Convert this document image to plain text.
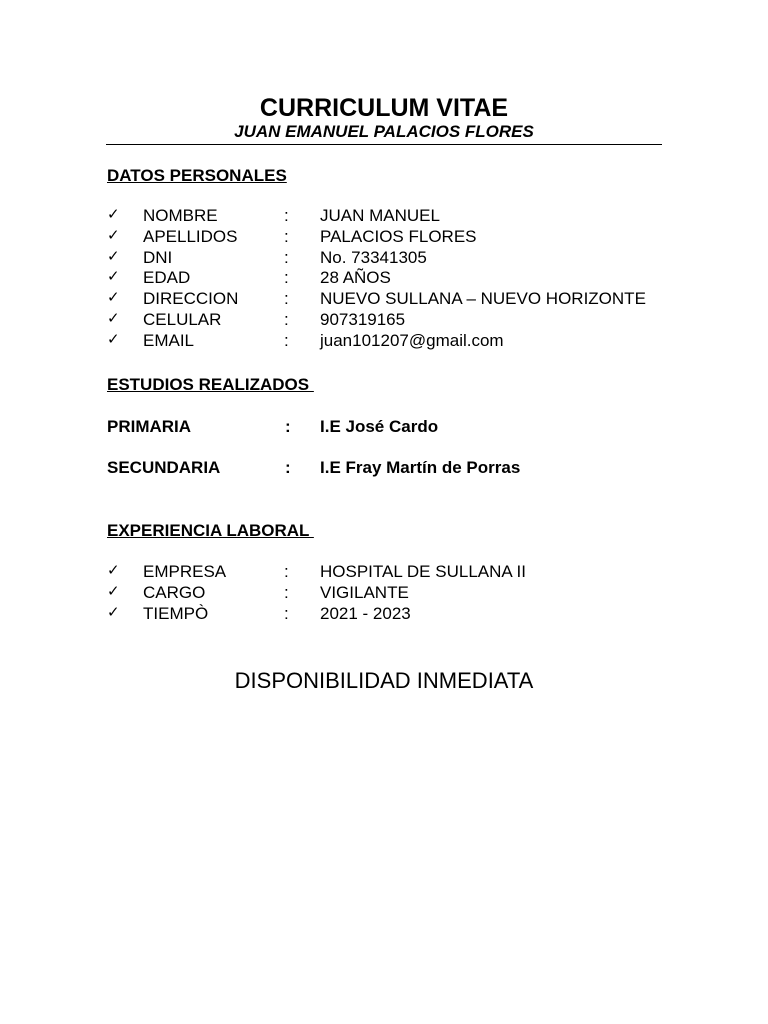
CURRICULUM VITAE
JUAN EMANUEL PALACIOS FLORES
DATOS PERSONALES
✓ NOMBRE	: JUAN MANUEL
✓ APELLIDOS	: PALACIOS FLORES
✓ DNI	: No. 73341305
✓ EDAD	: 28 AÑOS
✓ DIRECCION	: NUEVO SULLANA – NUEVO HORIZONTE
✓ CELULAR	: 907319165
✓ EMAIL	: juan101207@gmail.com
ESTUDIOS REALIZADOS
PRIMARIA	: I.E José Cardo
SECUNDARIA	: I.E Fray Martín de Porras
EXPERIENCIA LABORAL
✓ EMPRESA	: HOSPITAL DE SULLANA II
✓ CARGO	: VIGILANTE
✓ TIEMPÒ	: 2021 - 2023
DISPONIBILIDAD INMEDIATA
